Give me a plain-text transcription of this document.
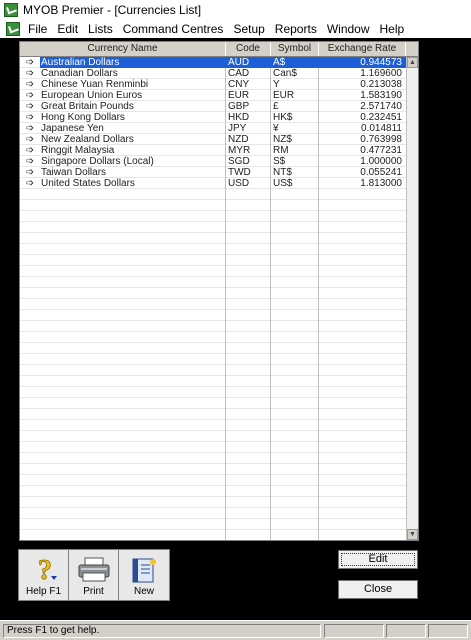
MYOB Premier - [Currencies List]
File Edit Lists Command Centres Setup Reports Window Help
Currency Name	Code	Symbol	Exchange Rate
➩ Australian Dollars	AUD	A$	0.944573
➩ Canadian Dollars	CAD	Can$	1.169600
➩ Chinese Yuan Renminbi	CNY	Y	0.213038
➩ European Union Euros	EUR	EUR	1.583190
➩ Great Britain Pounds	GBP	£	2.571740
➩ Hong Kong Dollars	HKD	HK$	0.232451
➩ Japanese Yen	JPY	¥	0.014811
➩ New Zealand Dollars	NZD	NZ$	0.763998
➩ Ringgit Malaysia	MYR	RM	0.477231
➩ Singapore Dollars (Local)	SGD	S$	1.000000
➩ Taiwan Dollars	TWD	NT$	0.055241
➩ United States Dollars	USD	US$	1.813000
▲
▼
?
Help F1 Print	New
Edit
Close
Press F1 to get help.
